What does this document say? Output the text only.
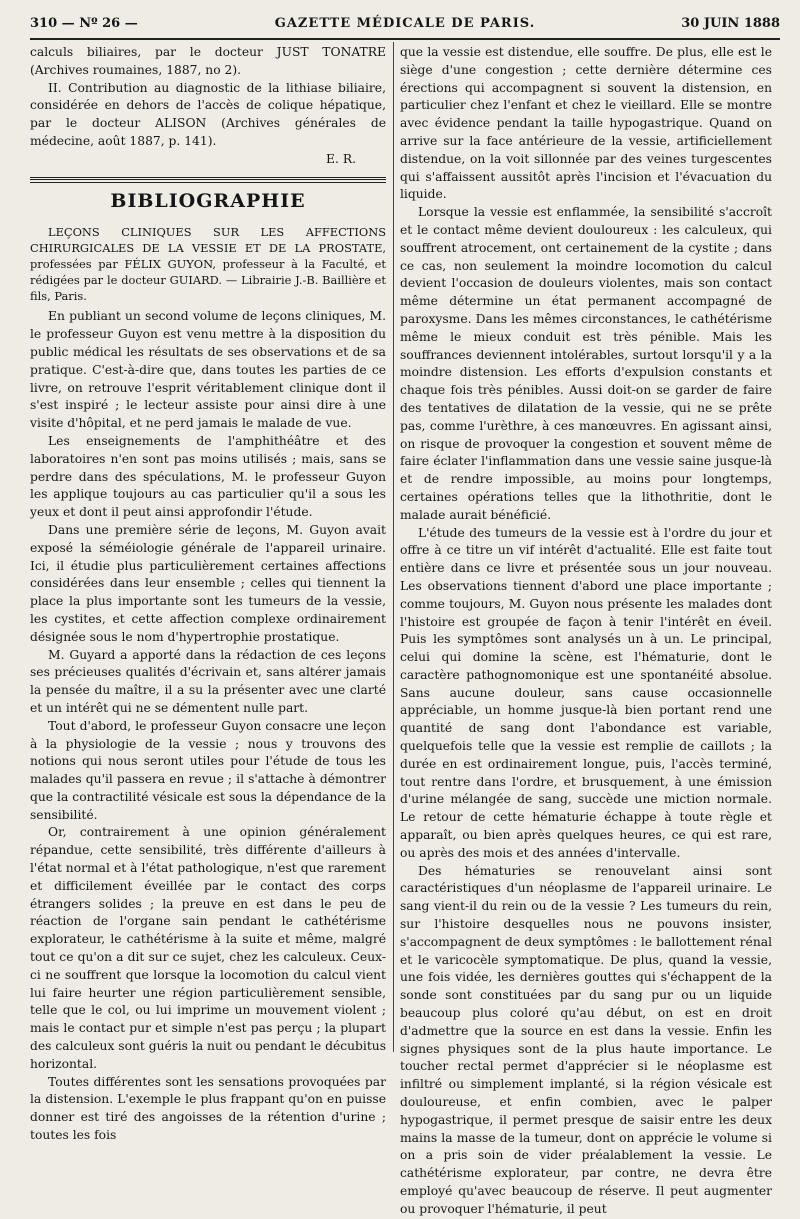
310 — Nº 26 —	GAZETTE MÉDICALE DE PARIS.	30 JUIN 1888

calculs biliaires, par le docteur JUST TONATRE (Archives roumaines, 1887, no 2).

II. Contribution au diagnostic de la lithiase biliaire, considérée en dehors de l'accès de colique hépatique, par le docteur ALISON (Archives générales de médecine, août 1887, p. 141).

E. R.

BIBLIOGRAPHIE

LEÇONS CLINIQUES SUR LES AFFECTIONS CHIRURGICALES DE LA VESSIE ET DE LA PROSTATE, professées par FÉLIX GUYON, professeur à la Faculté, et rédigées par le docteur GUIARD. — Librairie J.-B. Baillière et fils, Paris.

En publiant un second volume de leçons cliniques, M. le professeur Guyon est venu mettre à la disposition du public médical les résultats de ses observations et de sa pratique. C'est-à-dire que, dans toutes les parties de ce livre, on retrouve l'esprit véritablement clinique dont il s'est inspiré ; le lecteur assiste pour ainsi dire à une visite d'hôpital, et ne perd jamais le malade de vue.

Les enseignements de l'amphithéâtre et des laboratoires n'en sont pas moins utilisés ; mais, sans se perdre dans des spéculations, M. le professeur Guyon les applique toujours au cas particulier qu'il a sous les yeux et dont il peut ainsi approfondir l'étude.

Dans une première série de leçons, M. Guyon avait exposé la séméiologie générale de l'appareil urinaire. Ici, il étudie plus particulièrement certaines affections considérées dans leur ensemble ; celles qui tiennent la place la plus importante sont les tumeurs de la vessie, les cystites, et cette affection complexe ordinairement désignée sous le nom d'hypertrophie prostatique.

M. Guyard a apporté dans la rédaction de ces leçons ses précieuses qualités d'écrivain et, sans altérer jamais la pensée du maître, il a su la présenter avec une clarté et un intérêt qui ne se démentent nulle part.

Tout d'abord, le professeur Guyon consacre une leçon à la physiologie de la vessie ; nous y trouvons des notions qui nous seront utiles pour l'étude de tous les malades qu'il passera en revue ; il s'attache à démontrer que la contractilité vésicale est sous la dépendance de la sensibilité.

Or, contrairement à une opinion généralement répandue, cette sensibilité, très différente d'ailleurs à l'état normal et à l'état pathologique, n'est que rarement et difficilement éveillée par le contact des corps étrangers solides ; la preuve en est dans le peu de réaction de l'organe sain pendant le cathétérisme explorateur, le cathétérisme à la suite et même, malgré tout ce qu'on a dit sur ce sujet, chez les calculeux. Ceux-ci ne souffrent que lorsque la locomotion du calcul vient lui faire heurter une région particulièrement sensible, telle que le col, ou lui imprime un mouvement violent ; mais le contact pur et simple n'est pas perçu ; la plupart des calculeux sont guéris la nuit ou pendant le décubitus horizontal.

Toutes différentes sont les sensations provoquées par la distension. L'exemple le plus frappant qu'on en puisse donner est tiré des angoisses de la rétention d'urine ; toutes les fois

que la vessie est distendue, elle souffre. De plus, elle est le siège d'une congestion ; cette dernière détermine ces érections qui accompagnent si souvent la distension, en particulier chez l'enfant et chez le vieillard. Elle se montre avec évidence pendant la taille hypogastrique. Quand on arrive sur la face antérieure de la vessie, artificiellement distendue, on la voit sillonnée par des veines turgescentes qui s'affaissent aussitôt après l'incision et l'évacuation du liquide.

Lorsque la vessie est enflammée, la sensibilité s'accroît et le contact même devient douloureux : les calculeux, qui souffrent atrocement, ont certainement de la cystite ; dans ce cas, non seulement la moindre locomotion du calcul devient l'occasion de douleurs violentes, mais son contact même détermine un état permanent accompagné de paroxysme. Dans les mêmes circonstances, le cathétérisme même le mieux conduit est très pénible. Mais les souffrances deviennent intolérables, surtout lorsqu'il y a la moindre distension. Les efforts d'expulsion constants et chaque fois très pénibles. Aussi doit-on se garder de faire des tentatives de dilatation de la vessie, qui ne se prête pas, comme l'urèthre, à ces manœuvres. En agissant ainsi, on risque de provoquer la congestion et souvent même de faire éclater l'inflammation dans une vessie saine jusque-là et de rendre impossible, au moins pour longtemps, certaines opérations telles que la lithothritie, dont le malade aurait bénéficié.

L'étude des tumeurs de la vessie est à l'ordre du jour et offre à ce titre un vif intérêt d'actualité. Elle est faite tout entière dans ce livre et présentée sous un jour nouveau. Les observations tiennent d'abord une place importante ; comme toujours, M. Guyon nous présente les malades dont l'histoire est groupée de façon à tenir l'intérêt en éveil. Puis les symptômes sont analysés un à un. Le principal, celui qui domine la scène, est l'hématurie, dont le caractère pathognomonique est une spontanéité absolue. Sans aucune douleur, sans cause occasionnelle appréciable, un homme jusque-là bien portant rend une quantité de sang dont l'abondance est variable, quelquefois telle que la vessie est remplie de caillots ; la durée en est ordinairement longue, puis, l'accès terminé, tout rentre dans l'ordre, et brusquement, à une émission d'urine mélangée de sang, succède une miction normale. Le retour de cette hématurie échappe à toute règle et apparaît, ou bien après quelques heures, ce qui est rare, ou après des mois et des années d'intervalle.

Des hématuries se renouvelant ainsi sont caractéristiques d'un néoplasme de l'appareil urinaire. Le sang vient-il du rein ou de la vessie ? Les tumeurs du rein, sur l'histoire desquelles nous ne pouvons insister, s'accompagnent de deux symptômes : le ballottement rénal et le varicocèle symptomatique. De plus, quand la vessie, une fois vidée, les dernières gouttes qui s'échappent de la sonde sont constituées par du sang pur ou un liquide beaucoup plus coloré qu'au début, on est en droit d'admettre que la source en est dans la vessie. Enfin les signes physiques sont de la plus haute importance. Le toucher rectal permet d'apprécier si le néoplasme est infiltré ou simplement implanté, si la région vésicale est douloureuse, et enfin combien, avec le palper hypogastrique, il permet presque de saisir entre les deux mains la masse de la tumeur, dont on apprécie le volume si on a pris soin de vider préalablement la vessie. Le cathétérisme explorateur, par contre, ne devra être employé qu'avec beaucoup de réserve. Il peut augmenter ou provoquer l'hématurie, il peut
